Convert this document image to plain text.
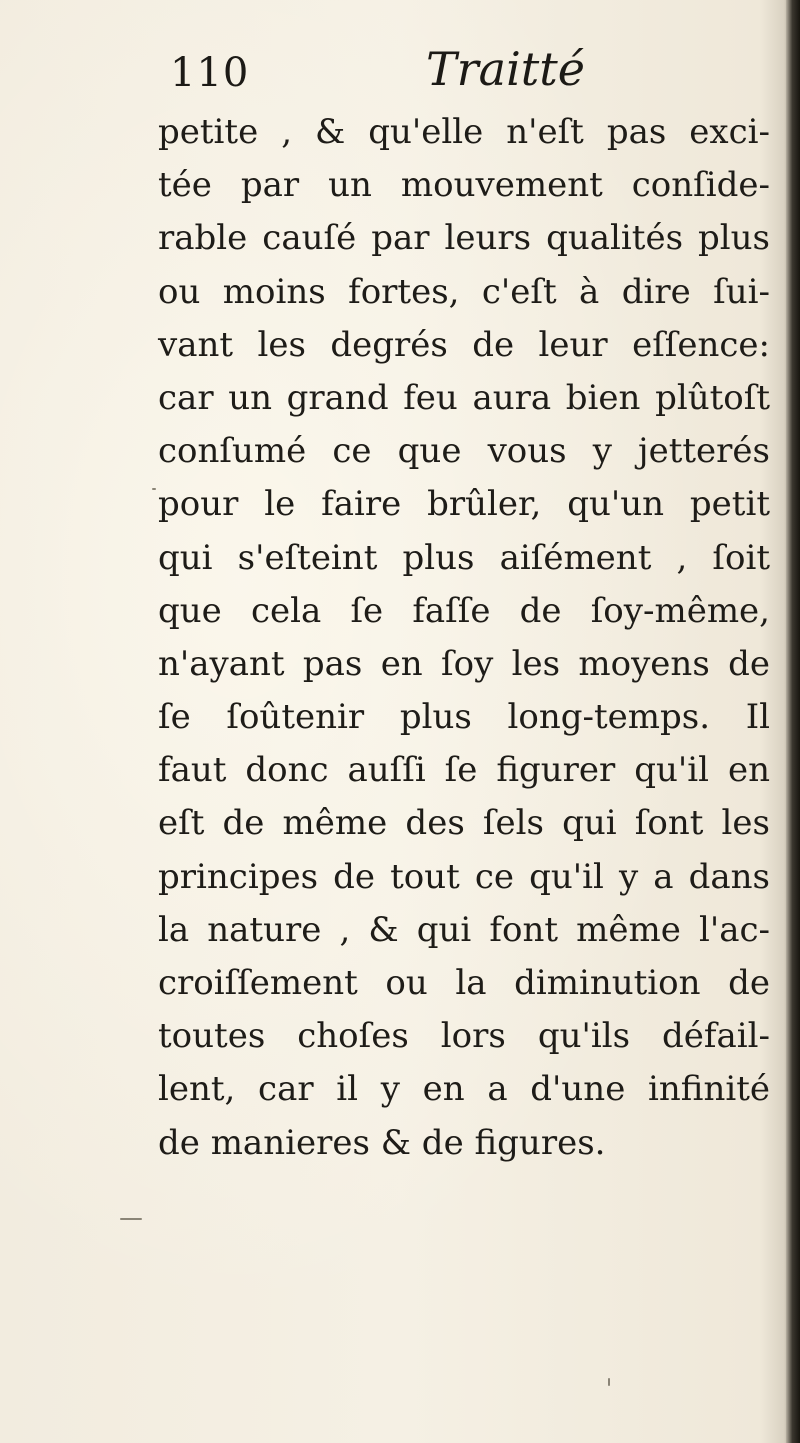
110	Traitté
petite , & qu'elle n'eſt pas exci-
tée par un mouvement conſide-
rable cauſé par leurs qualités plus
ou moins fortes, c'eſt à dire ſui-
vant les degrés de leur eſſence:
car un grand feu aura bien plûtoſt
conſumé ce que vous y jetterés
pour le faire brûler, qu'un petit
qui s'eſteint plus aiſément , ſoit
que cela ſe faſſe de ſoy-même,
n'ayant pas en ſoy les moyens de
ſe ſoûtenir plus long-temps. Il
faut donc auſſi ſe figurer qu'il en
eſt de même des ſels qui ſont les
principes de tout ce qu'il y a dans
la nature , & qui font même l'ac-
croiſſement ou la diminution de
toutes choſes lors qu'ils défail-
lent, car il y en a d'une infinité
de manieres & de figures.
